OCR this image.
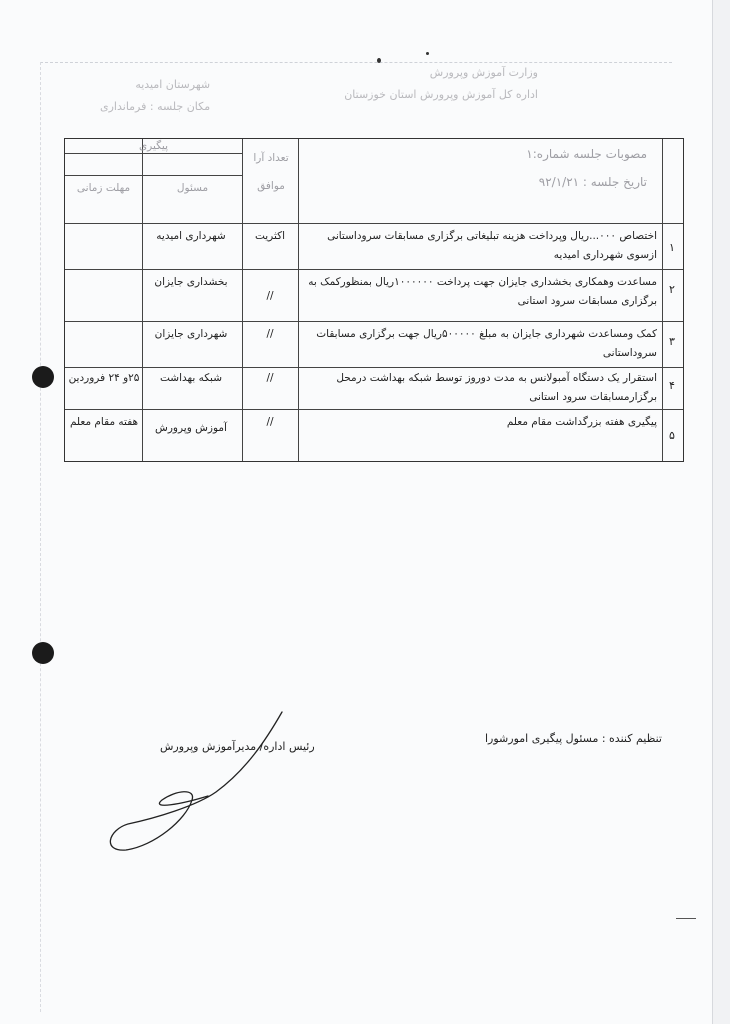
وزارت آموزش وپرورش
اداره کل آموزش وپرورش استان خوزستان
شهرستان امیدیه
مکان جلسه : فرمانداری
مصوبات جلسه شماره:۱
تاریخ جلسه : ۹۲/۱/۲۱
تعداد آرا
موافق
پیگیری
مسئول
مهلت زمانی
۱
اختصاص ۰۰۰...ریال وپرداخت هزینه تبلیغاتی برگزاری مسابقات سروداستانی ازسوی شهرداری امیدیه
اکثریت
شهرداری امیدیه
۲
مساعدت وهمکاری بخشداری جایزان جهت پرداخت ۱۰۰۰۰۰۰ریال بمنظورکمک به برگزاری مسابقات سرود استانی
//
بخشداری جایزان
۳
کمک ومساعدت شهرداری جایزان به مبلغ ۵۰۰۰۰۰ریال جهت برگزاری مسابقات سروداستانی
//
شهرداری جایزان
۴
استقرار یک دستگاه آمبولانس به مدت دوروز توسط شبکه بهداشت درمحل برگزارمسابقات سرود استانی
//
شبکه بهداشت
۲۵و ۲۴ فروردین
۵
پیگیری هفته بزرگداشت مقام معلم
//
آموزش وپرورش
هفته مقام معلم
تنظیم کننده : مسئول پیگیری امورشورا
رئیس اداره/ مدیرآموزش وپرورش
